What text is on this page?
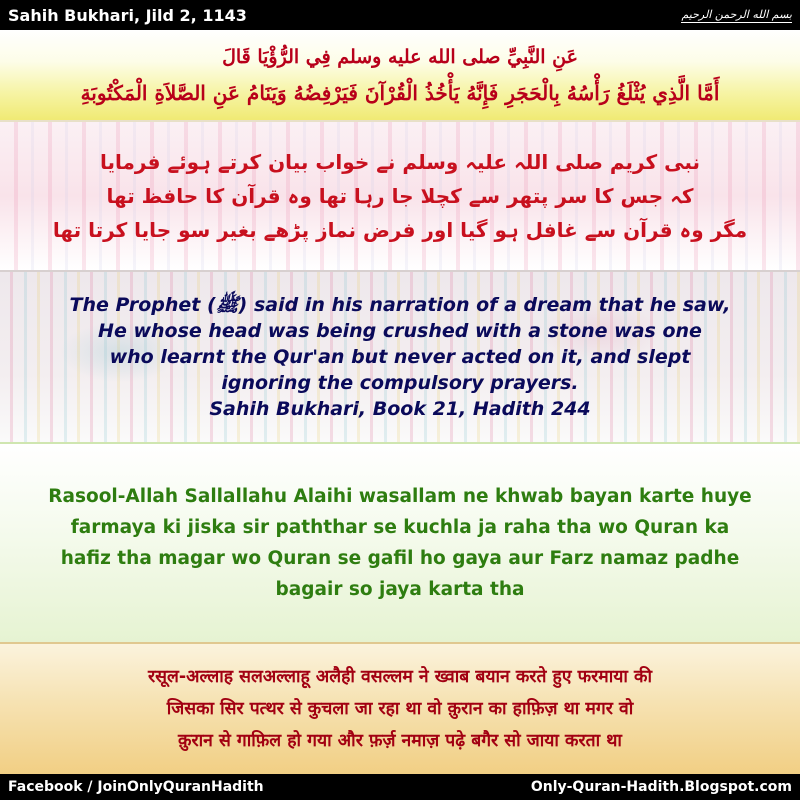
Sahih Bukhari, Jild 2, 1143	بسم الله الرحمن الرحيم
عَنِ النَّبِيِّ صلى الله عليه وسلم فِي الرُّؤْيَا قَالَ
أَمَّا الَّذِي يُثْلَغُ رَأْسُهُ بِالْحَجَرِ فَإِنَّهُ يَأْخُذُ الْقُرْآنَ فَيَرْفِضُهُ وَيَنَامُ عَنِ الصَّلاَةِ الْمَكْتُوبَةِ
نبی کریم صلی اللہ علیہ وسلم نے خواب بیان کرتے ہوئے فرمایا
کہ جس کا سر پتھر سے کچلا جا رہا تھا وہ قرآن کا حافظ تھا
مگر وہ قرآن سے غافل ہو گیا اور فرض نماز پڑھے بغیر سو جایا کرتا تھا
The Prophet (ﷺ) said in his narration of a dream that he saw,
He whose head was being crushed with a stone was one
who learnt the Qur'an but never acted on it, and slept
ignoring the compulsory prayers.
Sahih Bukhari, Book 21, Hadith 244
Rasool-Allah Sallallahu Alaihi wasallam ne khwab bayan karte huye
farmaya ki jiska sir paththar se kuchla ja raha tha wo Quran ka
hafiz tha magar wo Quran se gafil ho gaya aur Farz namaz padhe
bagair so jaya karta tha
रसूल-अल्लाह सलअल्लाहू अलैही वसल्लम ने ख्वाब बयान करते हुए फरमाया की
जिसका सिर पत्थर से कुचला जा रहा था वो क़ुरान का हाफ़िज़ था मगर वो
क़ुरान से गाफ़िल हो गया और फ़र्ज़ नमाज़ पढ़े बगैर सो जाया करता था
Facebook / JoinOnlyQuranHadith	Only-Quran-Hadith.Blogspot.com
